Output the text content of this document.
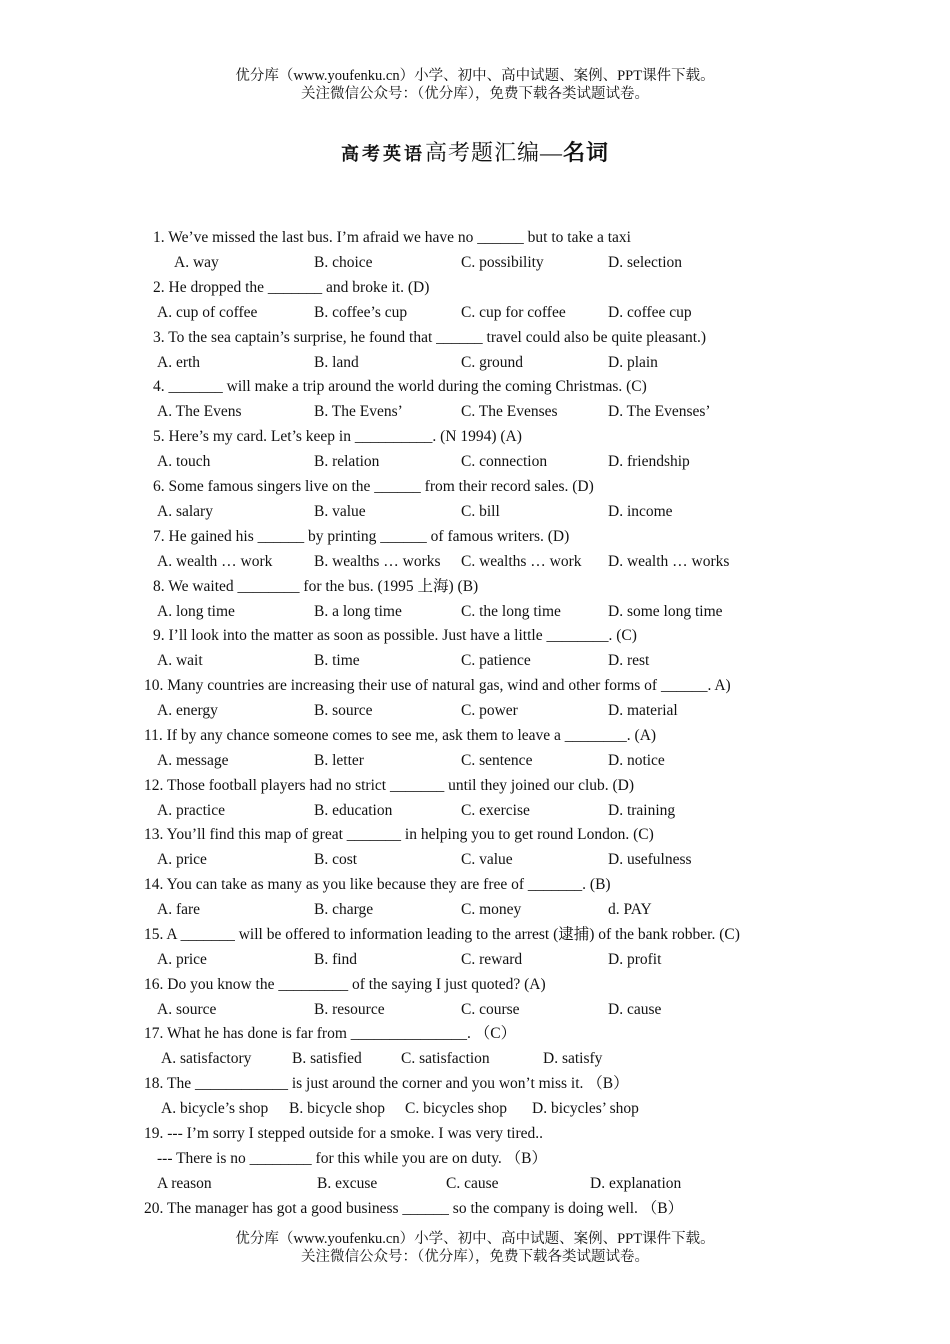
优分库（www.youfenku.cn）小学、初中、高中试题、案例、PPT课件下载。
关注微信公众号：（优分库），免费下载各类试题试卷。
高考英语高考题汇编—名词
1. We’ve missed the last bus. I’m afraid we have no ______ but to take a taxi
A. way	B. choice	C. possibility	D. selection
2. He dropped the _______ and broke it. (D)
A. cup of coffee	B. coffee’s cup	C. cup for coffee	D. coffee cup
3. To the sea captain’s surprise, he found that ______ travel could also be quite pleasant.)
A. erth	B. land	C. ground	D. plain
4. _______ will make a trip around the world during the coming Christmas. (C)
A. The Evens	B. The Evens’	C. The Evenses	D. The Evenses’
5. Here’s my card. Let’s keep in __________. (N 1994) (A)
A. touch	B. relation	C. connection	D. friendship
6. Some famous singers live on the ______ from their record sales. (D)
A. salary	B. value	C. bill	D. income
7. He gained his ______ by printing ______ of famous writers. (D)
A. wealth … work	B. wealths … works C. wealths … work D. wealth … works
8. We waited ________ for the bus. (1995 上海) (B)
A. long time	B. a long time	C. the long time	D. some long time
9. I’ll look into the matter as soon as possible. Just have a little ________. (C)
A. wait	B. time	C. patience	D. rest
10. Many countries are increasing their use of natural gas, wind and other forms of ______. A)
A. energy	B. source	C. power	D. material
11. If by any chance someone comes to see me, ask them to leave a ________. (A)
A. message	B. letter	C. sentence	D. notice
12. Those football players had no strict _______ until they joined our club. (D)
A. practice	B. education	C. exercise	D. training
13. You’ll find this map of great _______ in helping you to get round London. (C)
A. price	B. cost	C. value	D. usefulness
14. You can take as many as you like because they are free of _______. (B)
A. fare	B. charge	C. money	d. PAY
15. A _______ will be offered to information leading to the arrest (逮捕) of the bank robber. (C)
A. price	B. find	C. reward	D. profit
16. Do you know the _________ of the saying I just quoted? (A)
A. source	B. resource	C. course	D. cause
17. What he has done is far from _______________. （C）
A. satisfactory	B. satisfied	C. satisfaction	D. satisfy
18. The ____________ is just around the corner and you won’t miss it. （B）
A. bicycle’s shop B. bicycle shop C. bicycles shop D. bicycles’ shop
19. --- I’m sorry I stepped outside for a smoke. I was very tired..
--- There is no ________ for this while you are on duty. （B）
A reason	B. excuse	C. cause	D. explanation
20. The manager has got a good business ______ so the company is doing well. （B）
优分库（www.youfenku.cn）小学、初中、高中试题、案例、PPT课件下载。
关注微信公众号：（优分库），免费下载各类试题试卷。
